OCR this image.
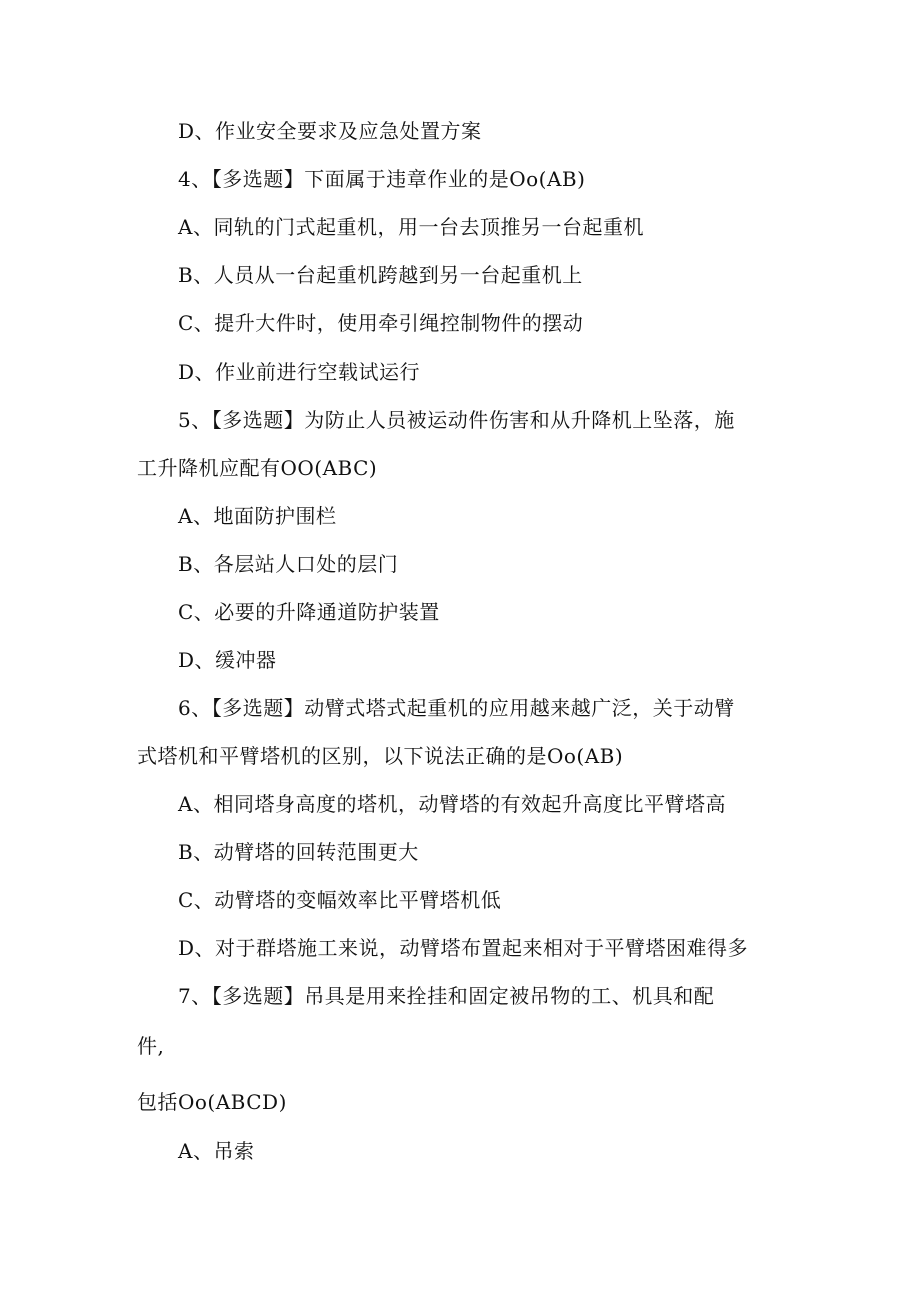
D、作业安全要求及应急处置方案
4、【多选题】下面属于违章作业的是Oo(AB)
A、同轨的门式起重机，用一台去顶推另一台起重机
B、人员从一台起重机跨越到另一台起重机上
C、提升大件时，使用牵引绳控制物件的摆动
D、作业前进行空载试运行
5、【多选题】为防止人员被运动件伤害和从升降机上坠落，施
工升降机应配有OO(ABC)
A、地面防护围栏
B、各层站人口处的层门
C、必要的升降通道防护装置
D、缓冲器
6、【多选题】动臂式塔式起重机的应用越来越广泛，关于动臂
式塔机和平臂塔机的区别，以下说法正确的是Oo(AB)
A、相同塔身高度的塔机，动臂塔的有效起升高度比平臂塔高
B、动臂塔的回转范围更大
C、动臂塔的变幅效率比平臂塔机低
D、对于群塔施工来说，动臂塔布置起来相对于平臂塔困难得多
7、【多选题】吊具是用来拴挂和固定被吊物的工、机具和配
件,
包括Oo(ABCD)
A、吊索
